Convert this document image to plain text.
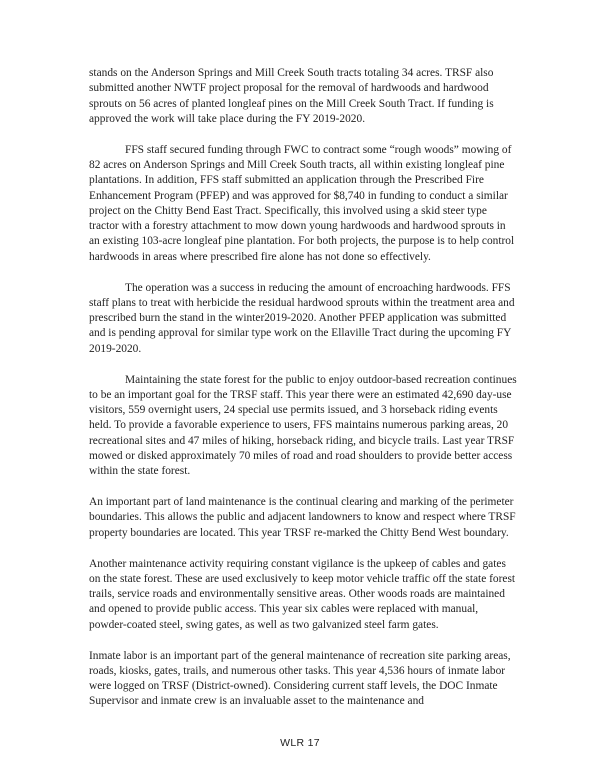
stands on the Anderson Springs and Mill Creek South tracts totaling 34 acres. TRSF also submitted another NWTF project proposal for the removal of hardwoods and hardwood sprouts on 56 acres of planted longleaf pines on the Mill Creek South Tract. If funding is approved the work will take place during the FY 2019-2020.

FFS staff secured funding through FWC to contract some “rough woods” mowing of 82 acres on Anderson Springs and Mill Creek South tracts, all within existing longleaf pine plantations. In addition, FFS staff submitted an application through the Prescribed Fire Enhancement Program (PFEP) and was approved for $8,740 in funding to conduct a similar project on the Chitty Bend East Tract. Specifically, this involved using a skid steer type tractor with a forestry attachment to mow down young hardwoods and hardwood sprouts in an existing 103-acre longleaf pine plantation. For both projects, the purpose is to help control hardwoods in areas where prescribed fire alone has not done so effectively.

The operation was a success in reducing the amount of encroaching hardwoods. FFS staff plans to treat with herbicide the residual hardwood sprouts within the treatment area and prescribed burn the stand in the winter2019-2020. Another PFEP application was submitted and is pending approval for similar type work on the Ellaville Tract during the upcoming FY 2019-2020.

Maintaining the state forest for the public to enjoy outdoor-based recreation continues to be an important goal for the TRSF staff. This year there were an estimated 42,690 day-use visitors, 559 overnight users, 24 special use permits issued, and 3 horseback riding events held. To provide a favorable experience to users, FFS maintains numerous parking areas, 20 recreational sites and 47 miles of hiking, horseback riding, and bicycle trails. Last year TRSF mowed or disked approximately 70 miles of road and road shoulders to provide better access within the state forest.

An important part of land maintenance is the continual clearing and marking of the perimeter boundaries. This allows the public and adjacent landowners to know and respect where TRSF property boundaries are located. This year TRSF re-marked the Chitty Bend West boundary.

Another maintenance activity requiring constant vigilance is the upkeep of cables and gates on the state forest. These are used exclusively to keep motor vehicle traffic off the state forest trails, service roads and environmentally sensitive areas. Other woods roads are maintained and opened to provide public access. This year six cables were replaced with manual, powder-coated steel, swing gates, as well as two galvanized steel farm gates.

Inmate labor is an important part of the general maintenance of recreation site parking areas, roads, kiosks, gates, trails, and numerous other tasks. This year 4,536 hours of inmate labor were logged on TRSF (District-owned). Considering current staff levels, the DOC Inmate Supervisor and inmate crew is an invaluable asset to the maintenance and

WLR 17
